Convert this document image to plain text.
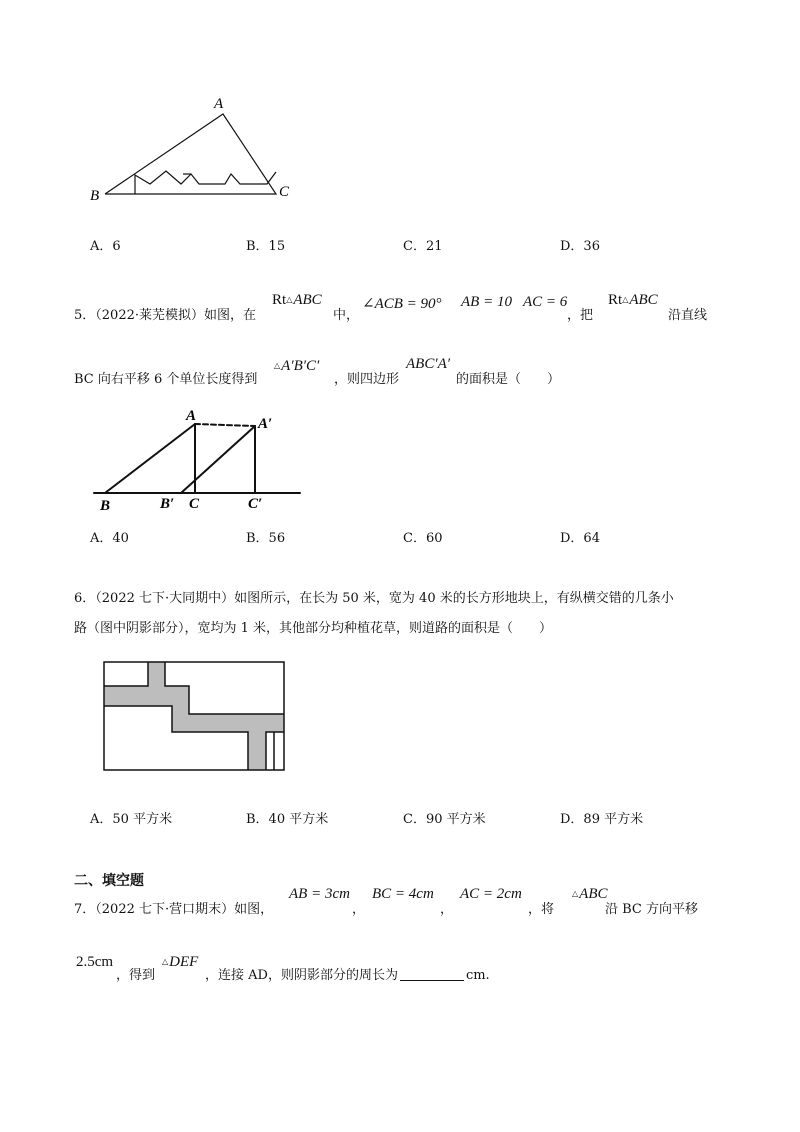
A
B	C
A．6	B．15	C．21	D．36
5．（2022·莱芜模拟）如图，在
Rt△ABC
中，
∠ACB = 90° AB = 10 AC = 6
，把
Rt△ABC
沿直线
BC 向右平移 6 个单位长度得到
△A′B′C′
，则四边形
ABC′A′
的面积是（　　）
A	A′
B	B′ C	C′
A．40	B．56	C．60	D．64
6．（2022 七下·大同期中）如图所示，在长为 50 米，宽为 40 米的长方形地块上，有纵横交错的几条小
路（图中阴影部分），宽均为 1 米，其他部分均种植花草，则道路的面积是（　　）
A．50 平方米	B．40 平方米	C．90 平方米	D．89 平方米
二、填空题
7．（2022 七下·营口期末）如图，
AB = 3cm
，
BC = 4cm
，
AC = 2cm
，将
△ABC
沿 BC 方向平移
2.5cm
，得到
△DEF
，连接 AD，则阴影部分的周长为	cm.
